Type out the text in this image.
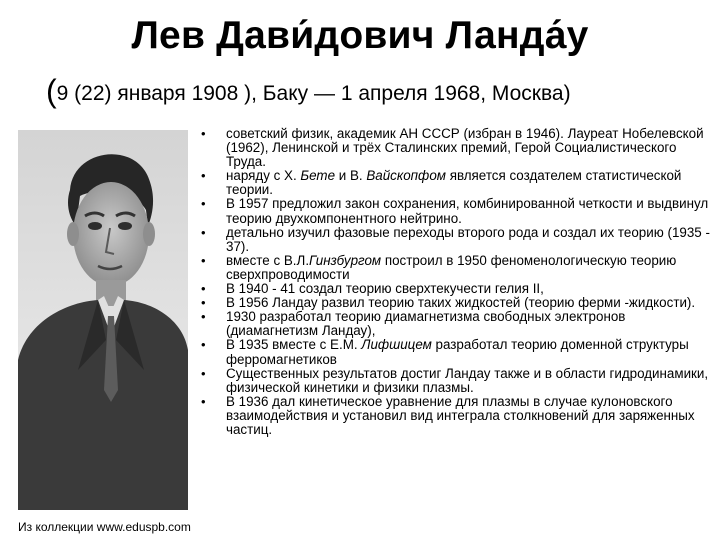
Лев Дави́дович Ланда́у
(9 (22) января 1908 ), Баку — 1 апреля 1968, Москва)
Из коллекции www.eduspb.com
• советский физик, академик АН СССР (избран в 1946). Лауреат Нобелевской (1962), Ленинской и трёх Сталинских премий, Герой Социалистического Труда.
• наряду с Х. Бете и В. Вайскопфом является создателем статистической теории.
• В 1957 предложил закон сохранения, комбинированной четкости и выдвинул теорию двухкомпонентного нейтрино.
• детально изучил фазовые переходы второго рода и создал их теорию (1935 - 37).
• вместе с В.Л.Гинзбургом построил в 1950 феноменологическую теорию сверхпроводимости
• В 1940 - 41 создал теорию сверхтекучести гелия II,
• В 1956 Ландау развил теорию таких жидкостей (теорию ферми -жидкости).
• 1930 разработал теорию диамагнетизма свободных электронов (диамагнетизм Ландау),
• В 1935 вместе с Е.М. Лифшицем разработал теорию доменной структуры ферромагнетиков
• Существенных результатов достиг Ландау также и в области гидродинамики, физической кинетики и физики плазмы.
• В 1936 дал кинетическое уравнение для плазмы в случае кулоновского взаимодействия и установил вид интеграла столкновений для заряженных частиц.
